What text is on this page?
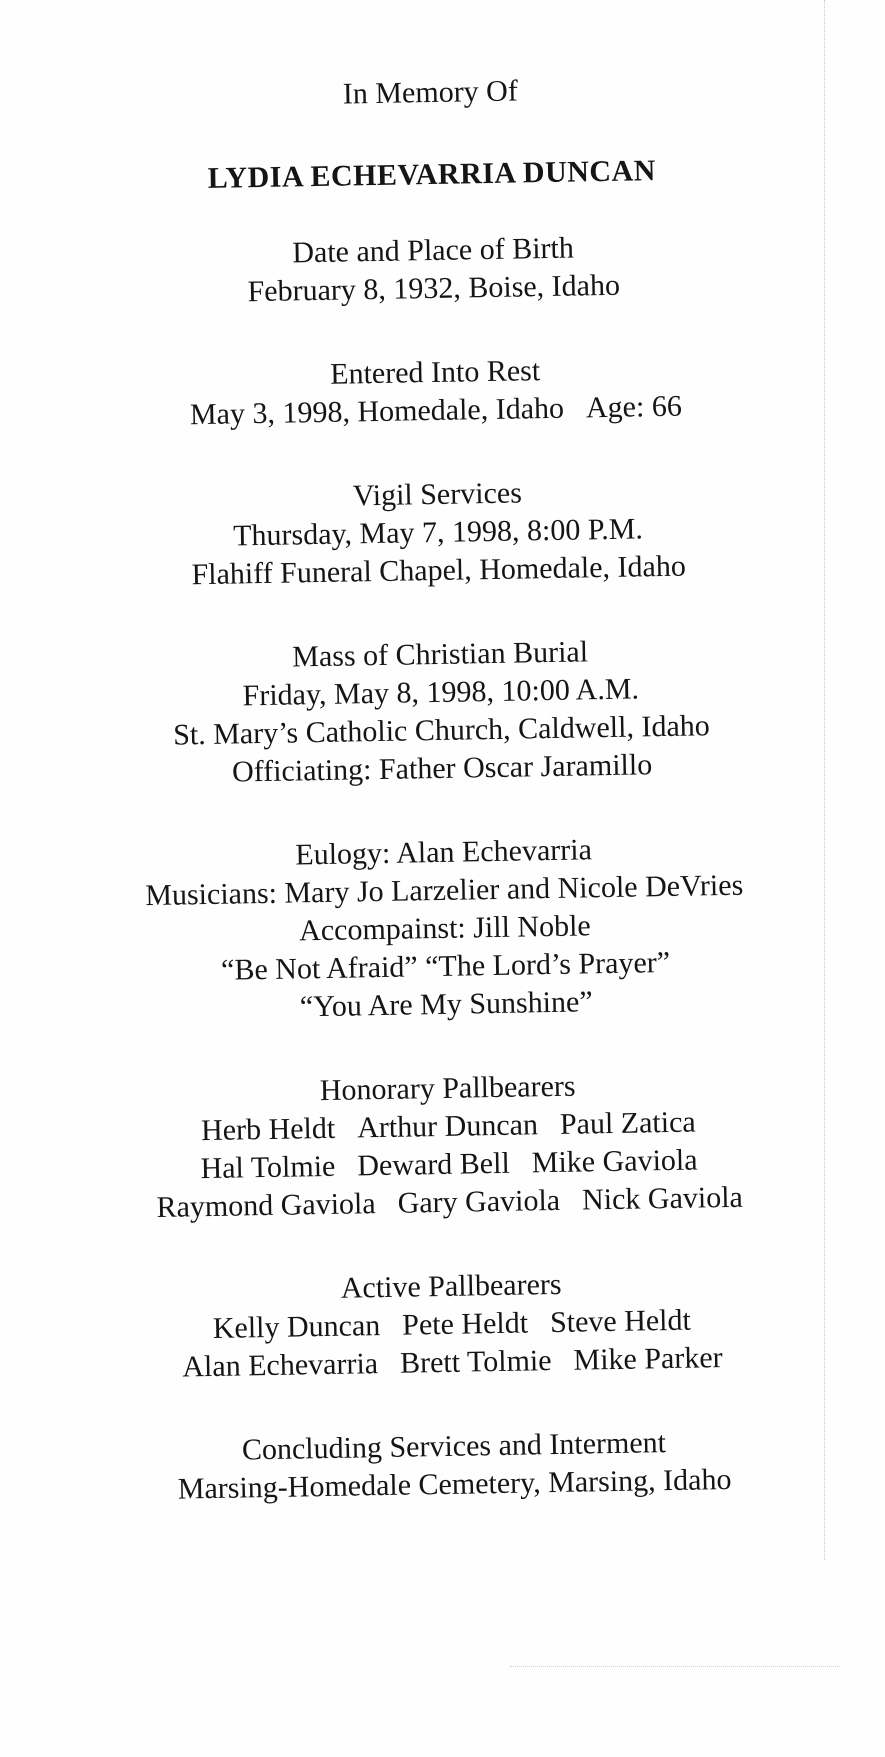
In Memory Of
LYDIA ECHEVARRIA DUNCAN
Date and Place of Birth
February 8, 1932, Boise, Idaho
Entered Into Rest
May 3, 1998, Homedale, Idaho Age: 66
Vigil Services
Thursday, May 7, 1998, 8:00 P.M.
Flahiff Funeral Chapel, Homedale, Idaho
Mass of Christian Burial
Friday, May 8, 1998, 10:00 A.M.
St. Mary’s Catholic Church, Caldwell, Idaho
Officiating: Father Oscar Jaramillo
Eulogy: Alan Echevarria
Musicians: Mary Jo Larzelier and Nicole DeVries
Accompainst: Jill Noble
“Be Not Afraid” “The Lord’s Prayer”
“You Are My Sunshine”
Honorary Pallbearers
Herb Heldt Arthur Duncan Paul Zatica
Hal Tolmie Deward Bell Mike Gaviola
Raymond Gaviola Gary Gaviola Nick Gaviola
Active Pallbearers
Kelly Duncan Pete Heldt Steve Heldt
Alan Echevarria Brett Tolmie Mike Parker
Concluding Services and Interment
Marsing-Homedale Cemetery, Marsing, Idaho
